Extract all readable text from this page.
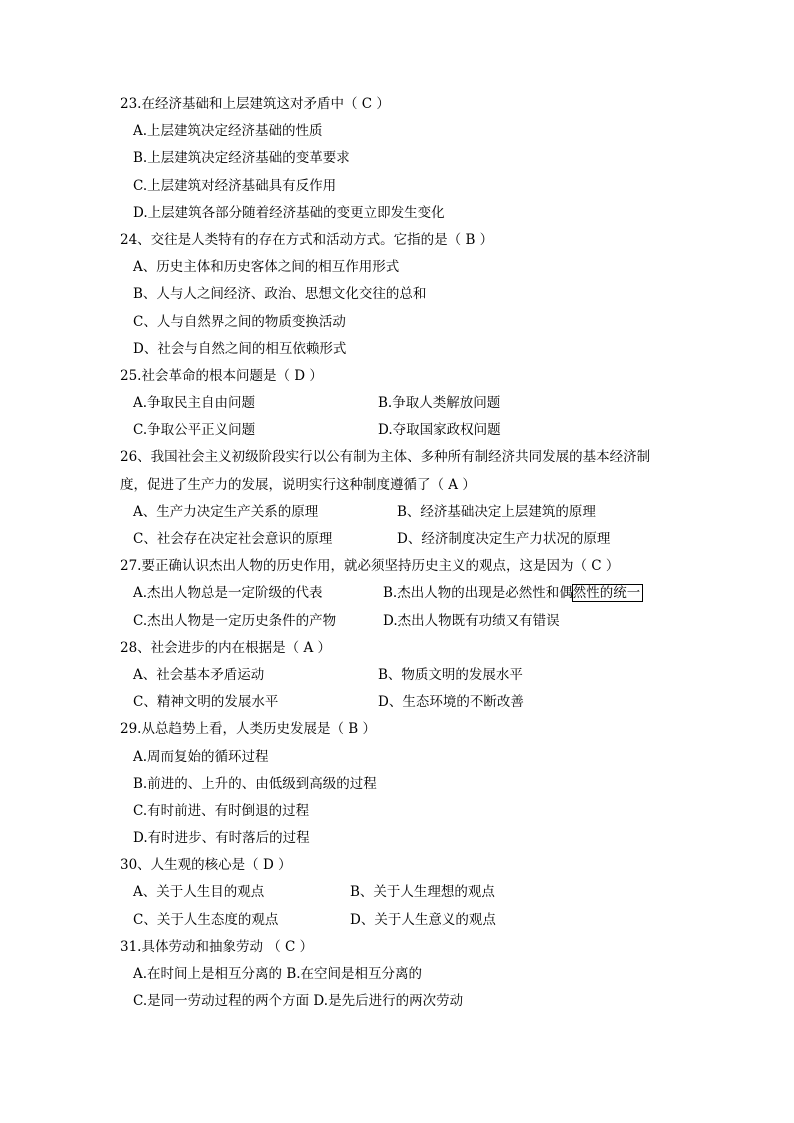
23.在经济基础和上层建筑这对矛盾中（ C ）
A.上层建筑决定经济基础的性质
B.上层建筑决定经济基础的变革要求
C.上层建筑对经济基础具有反作用
D.上层建筑各部分随着经济基础的变更立即发生变化
24、交往是人类特有的存在方式和活动方式。它指的是（ B ）
A、历史主体和历史客体之间的相互作用形式
B、人与人之间经济、政治、思想文化交往的总和
C、人与自然界之间的物质变换活动
D、社会与自然之间的相互依赖形式
25.社会革命的根本问题是（ D ）
A.争取民主自由问题	B.争取人类解放问题
C.争取公平正义问题	D.夺取国家政权问题
26、我国社会主义初级阶段实行以公有制为主体、多种所有制经济共同发展的基本经济制
度，促进了生产力的发展，说明实行这种制度遵循了（ A ）
A、生产力决定生产关系的原理	B、经济基础决定上层建筑的原理
C、社会存在决定社会意识的原理	D、经济制度决定生产力状况的原理
27.要正确认识杰出人物的历史作用，就必须坚持历史主义的观点，这是因为（ C ）
A.杰出人物总是一定阶级的代表	B.杰出人物的出现是必然性和偶然性的统一
C.杰出人物是一定历史条件的产物	D.杰出人物既有功绩又有错误
28、社会进步的内在根据是（ A ）
A、社会基本矛盾运动	B、物质文明的发展水平
C、精神文明的发展水平	D、生态环境的不断改善
29.从总趋势上看，人类历史发展是（ B ）
A.周而复始的循环过程
B.前进的、上升的、由低级到高级的过程
C.有时前进、有时倒退的过程
D.有时进步、有时落后的过程
30、人生观的核心是（ D ）
A、关于人生目的观点	B、关于人生理想的观点
C、关于人生态度的观点	D、关于人生意义的观点
31.具体劳动和抽象劳动 （ C ）
A.在时间上是相互分离的 B.在空间是相互分离的
C.是同一劳动过程的两个方面 D.是先后进行的两次劳动
